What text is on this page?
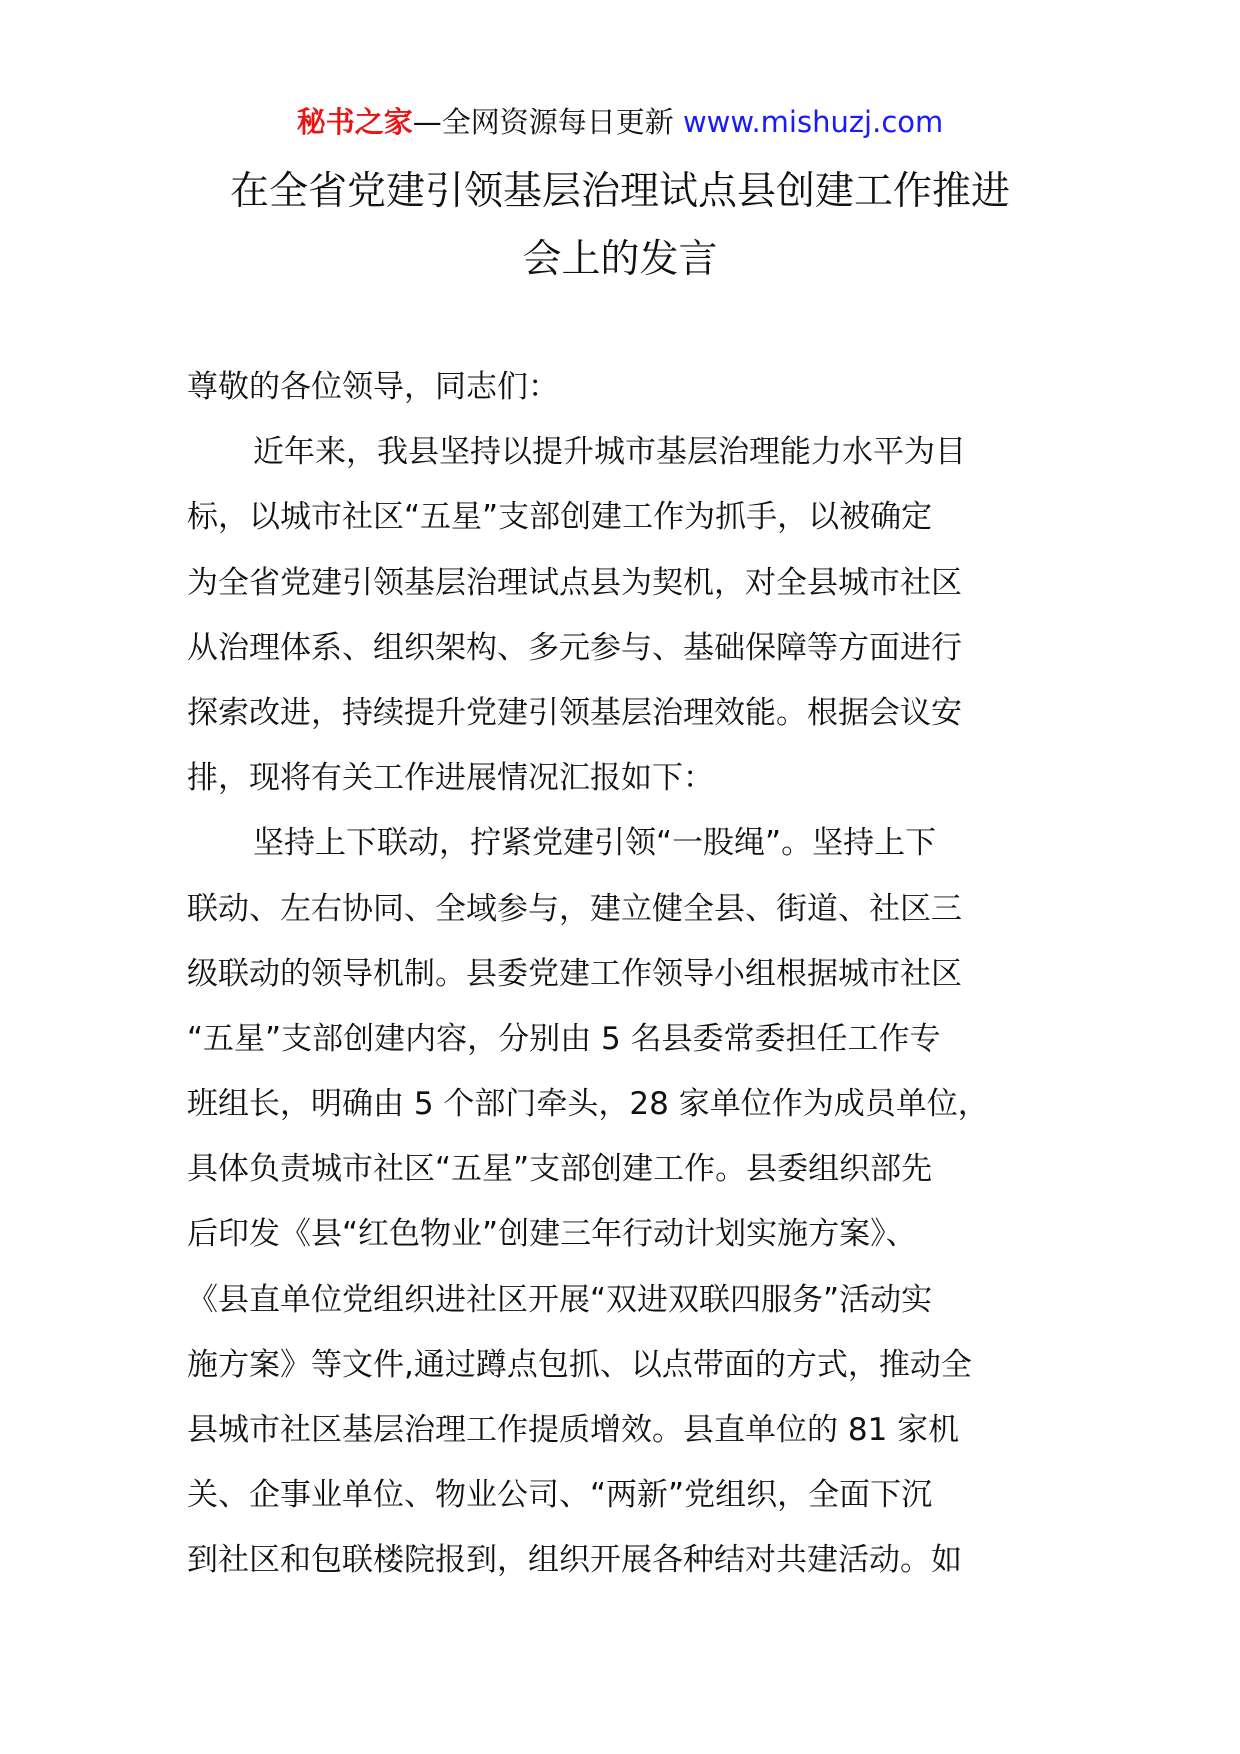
秘书之家—全网资源每日更新 www.mishuzj.com
在全省党建引领基层治理试点县创建工作推进
会上的发言
尊敬的各位领导，同志们：
近年来，我县坚持以提升城市基层治理能力水平为目
标，以城市社区“五星”支部创建工作为抓手，以被确定
为全省党建引领基层治理试点县为契机，对全县城市社区
从治理体系、组织架构、多元参与、基础保障等方面进行
探索改进，持续提升党建引领基层治理效能。根据会议安
排，现将有关工作进展情况汇报如下：
坚持上下联动，拧紧党建引领“一股绳”。坚持上下
联动、左右协同、全域参与，建立健全县、街道、社区三
级联动的领导机制。县委党建工作领导小组根据城市社区
“五星”支部创建内容，分别由 5 名县委常委担任工作专
班组长，明确由 5 个部门牵头，28 家单位作为成员单位，
具体负责城市社区“五星”支部创建工作。县委组织部先
后印发《县“红色物业”创建三年行动计划实施方案》、
《县直单位党组织进社区开展“双进双联四服务”活动实
施方案》等文件,通过蹲点包抓、以点带面的方式，推动全
县城市社区基层治理工作提质增效。县直单位的 81 家机
关、企事业单位、物业公司、“两新”党组织，全面下沉
到社区和包联楼院报到，组织开展各种结对共建活动。如
